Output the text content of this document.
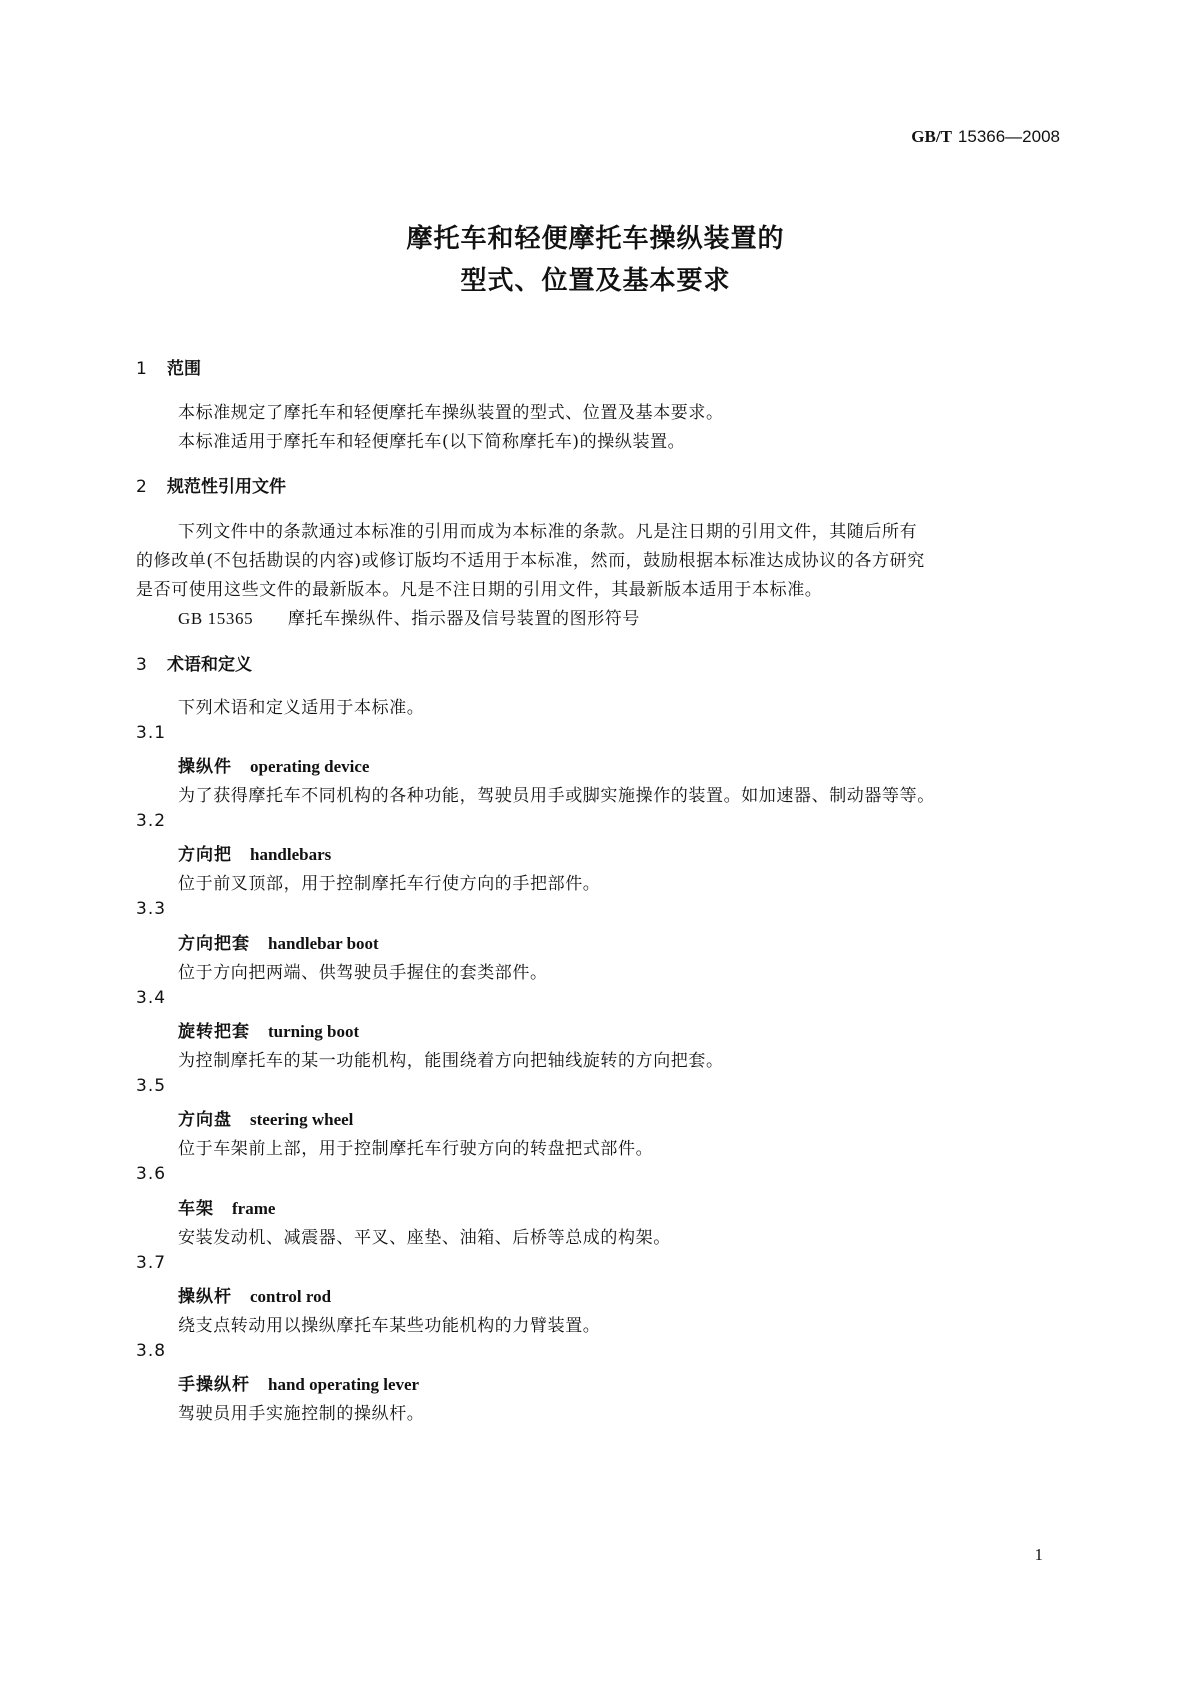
GB/T 15366—2008
摩托车和轻便摩托车操纵装置的
型式、位置及基本要求
1 范围
本标准规定了摩托车和轻便摩托车操纵装置的型式、位置及基本要求。
本标准适用于摩托车和轻便摩托车(以下简称摩托车)的操纵装置。
2 规范性引用文件
下列文件中的条款通过本标准的引用而成为本标准的条款。凡是注日期的引用文件，其随后所有
的修改单(不包括勘误的内容)或修订版均不适用于本标准，然而，鼓励根据本标准达成协议的各方研究
是否可使用这些文件的最新版本。凡是不注日期的引用文件，其最新版本适用于本标准。
GB 15365 摩托车操纵件、指示器及信号装置的图形符号
3 术语和定义
下列术语和定义适用于本标准。
3.1
操纵件 operating device
为了获得摩托车不同机构的各种功能，驾驶员用手或脚实施操作的装置。如加速器、制动器等等。
3.2
方向把 handlebars
位于前叉顶部，用于控制摩托车行使方向的手把部件。
3.3
方向把套 handlebar boot
位于方向把两端、供驾驶员手握住的套类部件。
3.4
旋转把套 turning boot
为控制摩托车的某一功能机构，能围绕着方向把轴线旋转的方向把套。
3.5
方向盘 steering wheel
位于车架前上部，用于控制摩托车行驶方向的转盘把式部件。
3.6
车架 frame
安装发动机、减震器、平叉、座垫、油箱、后桥等总成的构架。
3.7
操纵杆 control rod
绕支点转动用以操纵摩托车某些功能机构的力臂装置。
3.8
手操纵杆 hand operating lever
驾驶员用手实施控制的操纵杆。
1
